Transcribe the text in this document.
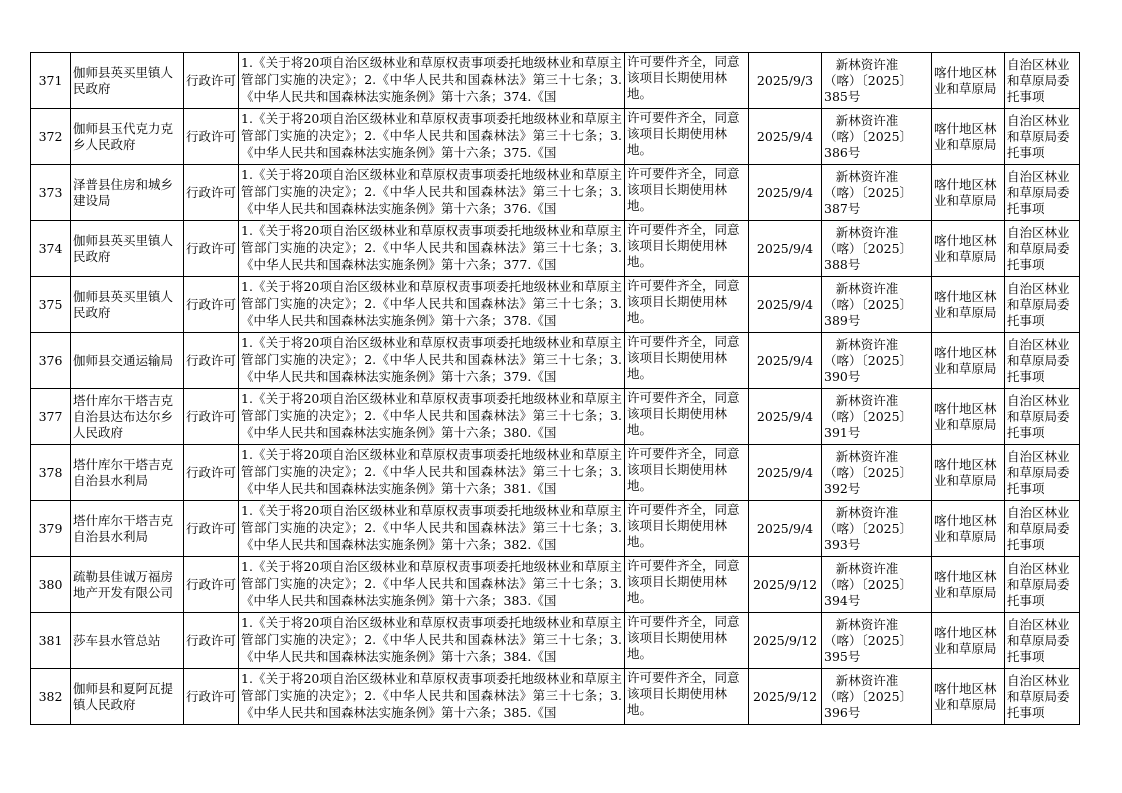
371	伽师县英买里镇人民政府	行政许可	1.《关于将20项自治区级林业和草原权责事项委托地级林业和草原主管部门实施的决定》；2.《中华人民共和国森林法》第三十七条；3.《中华人民共和国森林法实施条例》第十六条；374.《国	许可要件齐全，同意该项目长期使用林地。	2025/9/3	新林资许准
（喀）〔2025〕
385号	喀什地区林业和草原局	自治区林业和草原局委托事项
372	伽师县玉代克力克乡人民政府	行政许可	1.《关于将20项自治区级林业和草原权责事项委托地级林业和草原主管部门实施的决定》；2.《中华人民共和国森林法》第三十七条；3.《中华人民共和国森林法实施条例》第十六条；375.《国	许可要件齐全，同意该项目长期使用林地。	2025/9/4	新林资许准
（喀）〔2025〕
386号	喀什地区林业和草原局	自治区林业和草原局委托事项
373	泽普县住房和城乡建设局	行政许可	1.《关于将20项自治区级林业和草原权责事项委托地级林业和草原主管部门实施的决定》；2.《中华人民共和国森林法》第三十七条；3.《中华人民共和国森林法实施条例》第十六条；376.《国	许可要件齐全，同意该项目长期使用林地。	2025/9/4	新林资许准
（喀）〔2025〕
387号	喀什地区林业和草原局	自治区林业和草原局委托事项
374	伽师县英买里镇人民政府	行政许可	1.《关于将20项自治区级林业和草原权责事项委托地级林业和草原主管部门实施的决定》；2.《中华人民共和国森林法》第三十七条；3.《中华人民共和国森林法实施条例》第十六条；377.《国	许可要件齐全，同意该项目长期使用林地。	2025/9/4	新林资许准
（喀）〔2025〕
388号	喀什地区林业和草原局	自治区林业和草原局委托事项
375	伽师县英买里镇人民政府	行政许可	1.《关于将20项自治区级林业和草原权责事项委托地级林业和草原主管部门实施的决定》；2.《中华人民共和国森林法》第三十七条；3.《中华人民共和国森林法实施条例》第十六条；378.《国	许可要件齐全，同意该项目长期使用林地。	2025/9/4	新林资许准
（喀）〔2025〕
389号	喀什地区林业和草原局	自治区林业和草原局委托事项
376	伽师县交通运输局	行政许可	1.《关于将20项自治区级林业和草原权责事项委托地级林业和草原主管部门实施的决定》；2.《中华人民共和国森林法》第三十七条；3.《中华人民共和国森林法实施条例》第十六条；379.《国	许可要件齐全，同意该项目长期使用林地。	2025/9/4	新林资许准
（喀）〔2025〕
390号	喀什地区林业和草原局	自治区林业和草原局委托事项
377	塔什库尔干塔吉克自治县达布达尔乡人民政府	行政许可	1.《关于将20项自治区级林业和草原权责事项委托地级林业和草原主管部门实施的决定》；2.《中华人民共和国森林法》第三十七条；3.《中华人民共和国森林法实施条例》第十六条；380.《国	许可要件齐全，同意该项目长期使用林地。	2025/9/4	新林资许准
（喀）〔2025〕
391号	喀什地区林业和草原局	自治区林业和草原局委托事项
378	塔什库尔干塔吉克自治县水利局	行政许可	1.《关于将20项自治区级林业和草原权责事项委托地级林业和草原主管部门实施的决定》；2.《中华人民共和国森林法》第三十七条；3.《中华人民共和国森林法实施条例》第十六条；381.《国	许可要件齐全，同意该项目长期使用林地。	2025/9/4	新林资许准
（喀）〔2025〕
392号	喀什地区林业和草原局	自治区林业和草原局委托事项
379	塔什库尔干塔吉克自治县水利局	行政许可	1.《关于将20项自治区级林业和草原权责事项委托地级林业和草原主管部门实施的决定》；2.《中华人民共和国森林法》第三十七条；3.《中华人民共和国森林法实施条例》第十六条；382.《国	许可要件齐全，同意该项目长期使用林地。	2025/9/4	新林资许准
（喀）〔2025〕
393号	喀什地区林业和草原局	自治区林业和草原局委托事项
380	疏勒县佳诚万福房地产开发有限公司	行政许可	1.《关于将20项自治区级林业和草原权责事项委托地级林业和草原主管部门实施的决定》；2.《中华人民共和国森林法》第三十七条；3.《中华人民共和国森林法实施条例》第十六条；383.《国	许可要件齐全，同意该项目长期使用林地。	2025/9/12	新林资许准
（喀）〔2025〕
394号	喀什地区林业和草原局	自治区林业和草原局委托事项
381	莎车县水管总站	行政许可	1.《关于将20项自治区级林业和草原权责事项委托地级林业和草原主管部门实施的决定》；2.《中华人民共和国森林法》第三十七条；3.《中华人民共和国森林法实施条例》第十六条；384.《国	许可要件齐全，同意该项目长期使用林地。	2025/9/12	新林资许准
（喀）〔2025〕
395号	喀什地区林业和草原局	自治区林业和草原局委托事项
382	伽师县和夏阿瓦提镇人民政府	行政许可	1.《关于将20项自治区级林业和草原权责事项委托地级林业和草原主管部门实施的决定》；2.《中华人民共和国森林法》第三十七条；3.《中华人民共和国森林法实施条例》第十六条；385.《国	许可要件齐全，同意该项目长期使用林地。	2025/9/12	新林资许准
（喀）〔2025〕
396号	喀什地区林业和草原局	自治区林业和草原局委托事项
